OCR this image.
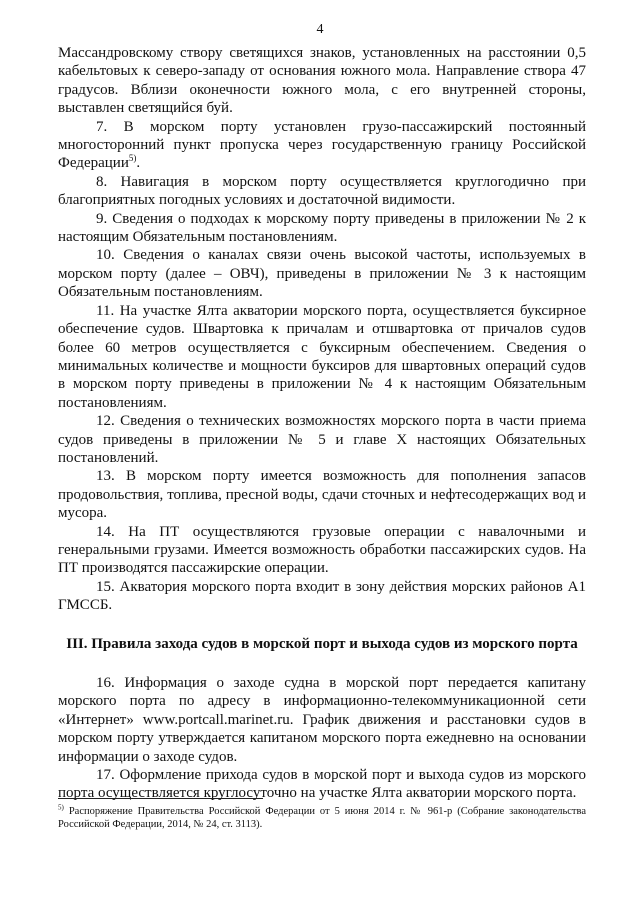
4

Массандровскому створу светящихся знаков, установленных на расстоянии 0,5 кабельтовых к северо-западу от основания южного мола. Направление створа 47 градусов. Вблизи оконечности южного мола, с его внутренней стороны, выставлен светящийся буй.

7. В морском порту установлен грузо-пассажирский постоянный многосторонний пункт пропуска через государственную границу Российской Федерации$^{5)}$.

8. Навигация в морском порту осуществляется круглогодично при благоприятных погодных условиях и достаточной видимости.

9. Сведения о подходах к морскому порту приведены в приложении № 2 к настоящим Обязательным постановлениям.

10. Сведения о каналах связи очень высокой частоты, используемых в морском порту (далее – ОВЧ), приведены в приложении № 3 к настоящим Обязательным постановлениям.

11. На участке Ялта акватории морского порта, осуществляется буксирное обеспечение судов. Швартовка к причалам и отшвартовка от причалов судов более 60 метров осуществляется с буксирным обеспечением. Сведения о минимальных количестве и мощности буксиров для швартовных операций судов в морском порту приведены в приложении № 4 к настоящим Обязательным постановлениям.

12. Сведения о технических возможностях морского порта в части приема судов приведены в приложении № 5 и главе X настоящих Обязательных постановлений.

13. В морском порту имеется возможность для пополнения запасов продовольствия, топлива, пресной воды, сдачи сточных и нефтесодержащих вод и мусора.

14. На ПТ осуществляются грузовые операции с навалочными и генеральными грузами. Имеется возможность обработки пассажирских судов. На ПТ производятся пассажирские операции.

15. Акватория морского порта входит в зону действия морских районов А1 ГМССБ.

III. Правила захода судов в морской порт и выхода судов из морского порта

16. Информация о заходе судна в морской порт передается капитану морского порта по адресу в информационно-телекоммуникационной сети «Интернет» www.portcall.marinet.ru. График движения и расстановки судов в морском порту утверждается капитаном морского порта ежедневно на основании информации о заходе судов.

17. Оформление прихода судов в морской порт и выхода судов из морского порта осуществляется круглосуточно на участке Ялта акватории морского порта.

$^{5)}$ Распоряжение Правительства Российской Федерации от 5 июня 2014 г. № 961-р (Собрание законодательства Российской Федерации, 2014, № 24, ст. 3113).
